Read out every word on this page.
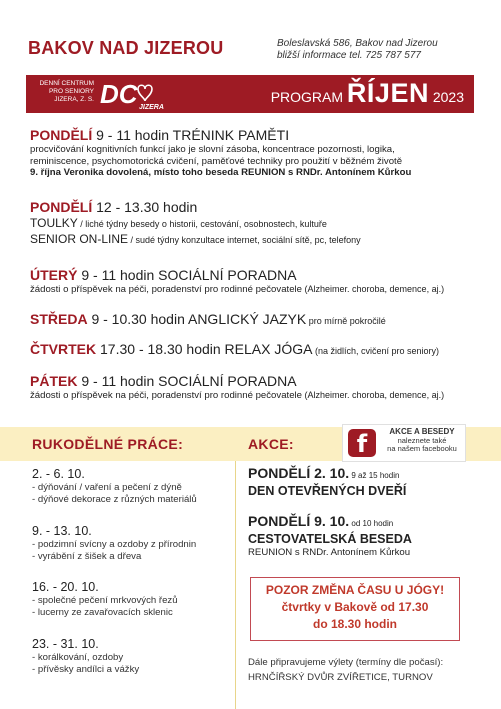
BAKOV NAD JIZEROU	Boleslavská 586, Bakov nad Jizerou
bližší informace tel. 725 787 577
DENNÍ CENTRUM
PRO SENIORY
JIZERA, Z. S. DC JIZERA
PROGRAM ŘÍJEN 2023
PONDĚLÍ 9 - 11 hodin TRÉNINK PAMĚTI
procvičování kognitivních funkcí jako je slovní zásoba, koncentrace pozornosti, logika,
reminiscence, psychomotorická cvičení, paměťové techniky pro použití v běžném životě
9. října Veronika dovolená, místo toho beseda REUNION s RNDr. Antonínem Kůrkou
PONDĚLÍ 12 - 13.30 hodin
TOULKY / liché týdny besedy o historii, cestování, osobnostech, kultuře
SENIOR ON-LINE / sudé týdny konzultace internet, sociální sítě, pc, telefony
ÚTERÝ 9 - 11 hodin SOCIÁLNÍ PORADNA
žádosti o příspěvek na péči, poradenství pro rodinné pečovatele (Alzheimer. choroba, demence, aj.)
STŘEDA 9 - 10.30 hodin ANGLICKÝ JAZYK pro mírně pokročilé
ČTVRTEK 17.30 - 18.30 hodin RELAX JÓGA (na židlích, cvičení pro seniory)
PÁTEK 9 - 11 hodin SOCIÁLNÍ PORADNA
žádosti o příspěvek na péči, poradenství pro rodinné pečovatele (Alzheimer. choroba, demence, aj.)
RUKODĚLNÉ PRÁCE:	AKCE:	f	AKCE A BESEDY
naleznete také
na našem facebooku
2. - 6. 10.
- dýňování / vaření a pečení z dýně
- dýňové dekorace z různých materiálů
9. - 13. 10.
- podzimní svícny a ozdoby z přírodnin
- vyrábění z šišek a dřeva
16. - 20. 10.
- společné pečení mrkvových řezů
- lucerny ze zavařovacích sklenic
23. - 31. 10.
- korálkování, ozdoby
- přívěsky andílci a vážky
PONDĚLÍ 2. 10. 9 až 15 hodin
DEN OTEVŘENÝCH DVEŘÍ
PONDĚLÍ 9. 10. od 10 hodin
CESTOVATELSKÁ BESEDA
REUNION s RNDr. Antonínem Kůrkou
POZOR ZMĚNA ČASU U JÓGY!
čtvrtky v Bakově od 17.30
do 18.30 hodin
Dále připravujeme výlety (termíny dle počasí):
HRNČÍŘSKÝ DVŮR ZVÍŘETICE, TURNOV
